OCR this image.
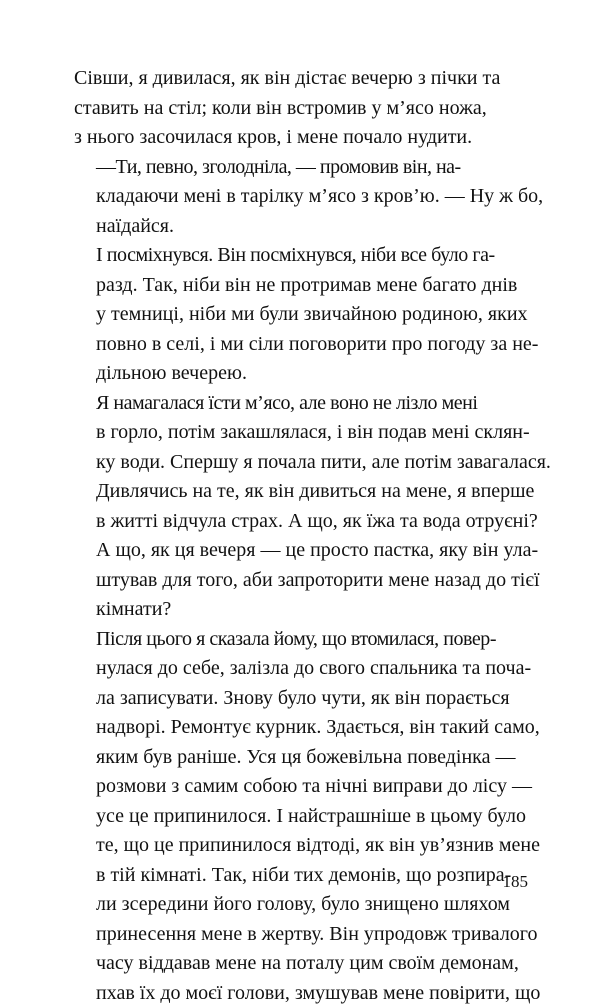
Сівши, я дивилася, як він дістає вечерю з пічки та
ставить на стіл; коли він встромив у м’ясо ножа,
з нього засочилася кров, і мене почало нудити.

—Ти, певно, зголодніла, — промовив він, на-
кладаючи мені в тарілку м’ясо з кров’ю. — Ну ж бо,
наїдайся.

І посміхнувся. Він посміхнувся, ніби все було га-
разд. Так, ніби він не протримав мене багато днів
у темниці, ніби ми були звичайною родиною, яких
повно в селі, і ми сіли поговорити про погоду за не-
дільною вечерею.

Я намагалася їсти м’ясо, але воно не лізло мені
в горло, потім закашлялася, і він подав мені склян-
ку води. Спершу я почала пити, але потім завагалася.
Дивлячись на те, як він дивиться на мене, я вперше
в житті відчула страх. А що, як їжа та вода отруєні?
А що, як ця вечеря — це просто пастка, яку він ула-
штував для того, аби запроторити мене назад до тієї
кімнати?

Після цього я сказала йому, що втомилася, повер-
нулася до себе, залізла до свого спальника та поча-
ла записувати. Знову було чути, як він порається
надворі. Ремонтує курник. Здається, він такий само,
яким був раніше. Уся ця божевільна поведінка —
розмови з самим собою та нічні виправи до лісу —
усе це припинилося. І найстрашніше в цьому було
те, що це припинилося відтоді, як він ув’язнив мене
в тій кімнаті. Так, ніби тих демонів, що розпира-
ли зсередини його голову, було знищено шляхом
принесення мене в жертву. Він упродовж тривалого
часу віддавав мене на поталу цим своїм демонам,
пхав їх до моєї голови, змушував мене повірити, що

185
